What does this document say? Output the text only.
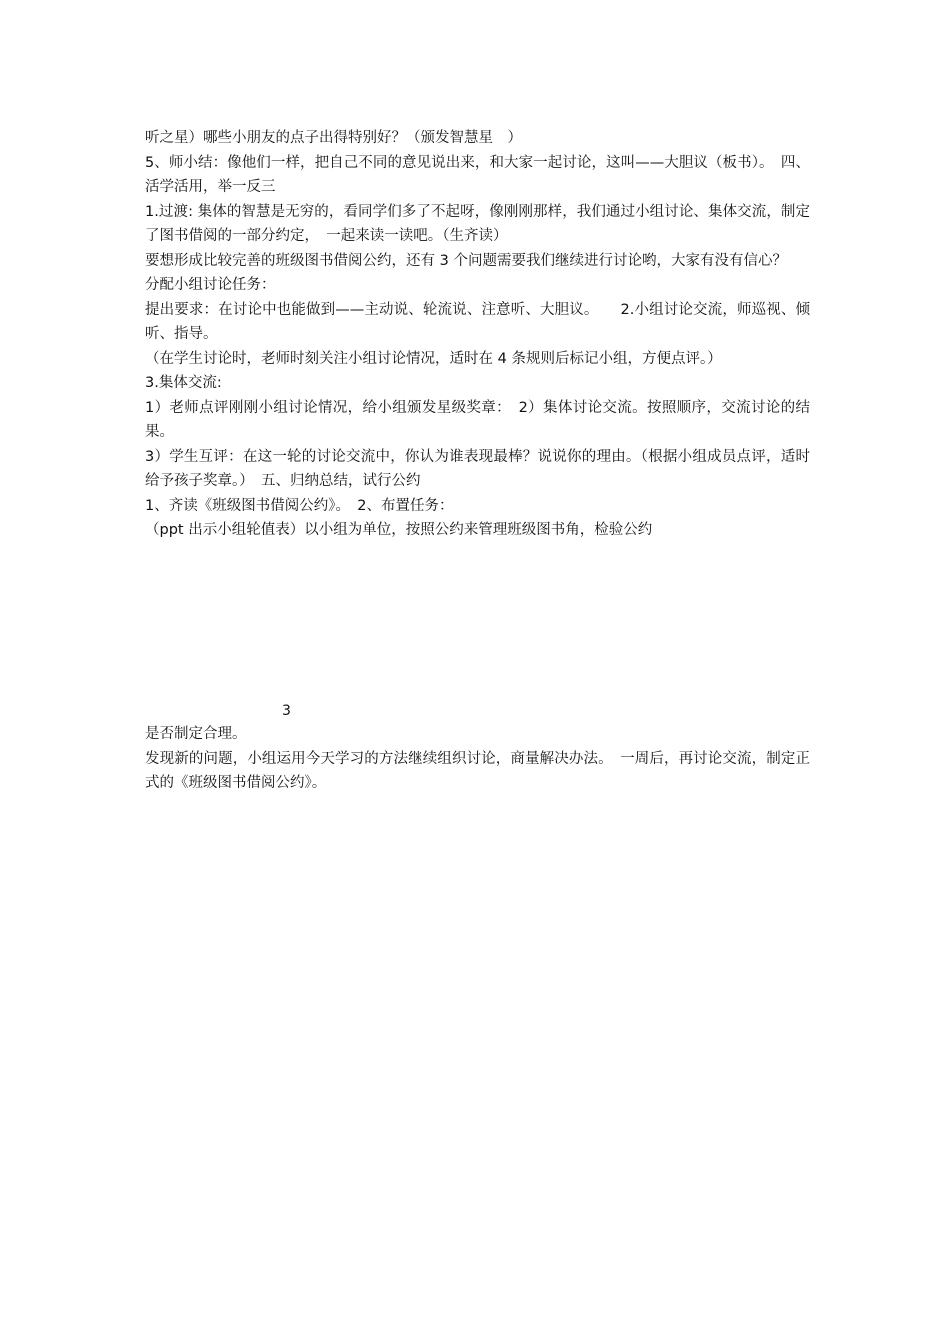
听之星）哪些小朋友的点子出得特别好？（颁发智慧星　）

5、师小结：像他们一样，把自己不同的意见说出来，和大家一起讨论，这叫——大胆议（板书）。　四、活学活用，举一反三

1.过渡: 集体的智慧是无穷的，看同学们多了不起呀，像刚刚那样，我们通过小组讨论、集体交流，制定了图书借阅的一部分约定，　一起来读一读吧。（生齐读）

要想形成比较完善的班级图书借阅公约，还有 3 个问题需要我们继续进行讨论哟，大家有没有信心？

分配小组讨论任务：

提出要求：在讨论中也能做到——主动说、轮流说、注意听、大胆议。　　2.小组讨论交流，师巡视、倾听、指导。

（在学生讨论时，老师时刻关注小组讨论情况，适时在 4 条规则后标记小组，方便点评。）

3.集体交流:

1）老师点评刚刚小组讨论情况，给小组颁发星级奖章：　2）集体讨论交流。按照顺序，交流讨论的结果。

3）学生互评：在这一轮的讨论交流中，你认为谁表现最棒？说说你的理由。（根据小组成员点评，适时给予孩子奖章。）　五、归纳总结，试行公约

1、齐读《班级图书借阅公约》。　2、布置任务：

（ppt 出示小组轮值表）以小组为单位，按照公约来管理班级图书角，检验公约

3

是否制定合理。

发现新的问题，小组运用今天学习的方法继续组织讨论，商量解决办法。　一周后，再讨论交流，制定正式的《班级图书借阅公约》。
